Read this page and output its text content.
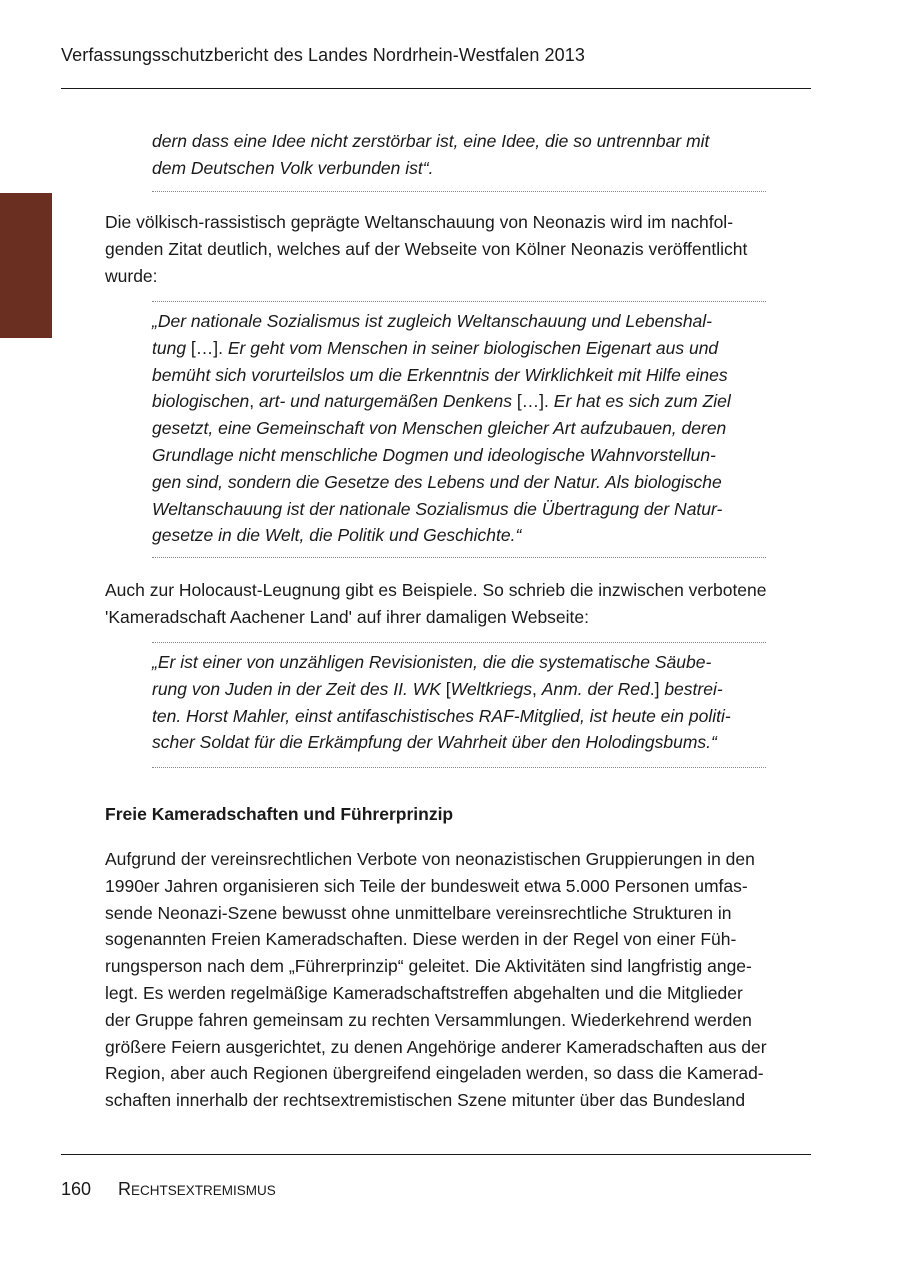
Verfassungsschutzbericht des Landes Nordrhein-Westfalen 2013
dern dass eine Idee nicht zerstörbar ist, eine Idee, die so untrennbar mit
dem Deutschen Volk verbunden ist“.
Die völkisch-rassistisch geprägte Weltanschauung von Neonazis wird im nachfol-
genden Zitat deutlich, welches auf der Webseite von Kölner Neonazis veröffentlicht
wurde:
„Der nationale Sozialismus ist zugleich Weltanschauung und Lebenshal-
tung […]. Er geht vom Menschen in seiner biologischen Eigenart aus und
bemüht sich vorurteilslos um die Erkenntnis der Wirklichkeit mit Hilfe eines
biologischen, art- und naturgemäßen Denkens […]. Er hat es sich zum Ziel
gesetzt, eine Gemeinschaft von Menschen gleicher Art aufzubauen, deren
Grundlage nicht menschliche Dogmen und ideologische Wahnvorstellun-
gen sind, sondern die Gesetze des Lebens und der Natur. Als biologische
Weltanschauung ist der nationale Sozialismus die Übertragung der Natur-
gesetze in die Welt, die Politik und Geschichte.“
Auch zur Holocaust-Leugnung gibt es Beispiele. So schrieb die inzwischen verbotene
'Kameradschaft Aachener Land' auf ihrer damaligen Webseite:
„Er ist einer von unzähligen Revisionisten, die die systematische Säube-
rung von Juden in der Zeit des II. WK [Weltkriegs, Anm. der Red.] bestrei-
ten. Horst Mahler, einst antifaschistisches RAF-Mitglied, ist heute ein politi-
scher Soldat für die Erkämpfung der Wahrheit über den Holodingsbums.“
Freie Kameradschaften und Führerprinzip
Aufgrund der vereinsrechtlichen Verbote von neonazistischen Gruppierungen in den
1990er Jahren organisieren sich Teile der bundesweit etwa 5.000 Personen umfas-
sende Neonazi-Szene bewusst ohne unmittelbare vereinsrechtliche Strukturen in
sogenannten Freien Kameradschaften. Diese werden in der Regel von einer Füh-
rungsperson nach dem „Führerprinzip“ geleitet. Die Aktivitäten sind langfristig ange-
legt. Es werden regelmäßige Kameradschaftstreffen abgehalten und die Mitglieder
der Gruppe fahren gemeinsam zu rechten Versammlungen. Wiederkehrend werden
größere Feiern ausgerichtet, zu denen Angehörige anderer Kameradschaften aus der
Region, aber auch Regionen übergreifend eingeladen werden, so dass die Kamerad-
schaften innerhalb der rechtsextremistischen Szene mitunter über das Bundesland
160 RECHTSEXTREMISMUS
